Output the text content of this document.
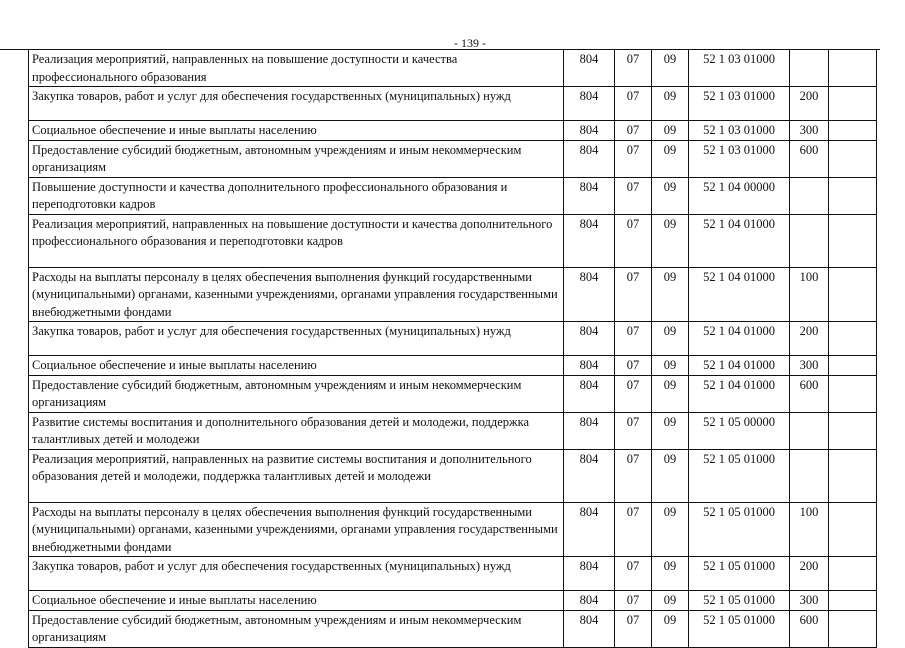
- 139 -
Реализация мероприятий, направленных на повышение доступности и качества профессионального образования	804	07	09	52 1 03 01000		
Закупка товаров, работ и услуг для обеспечения государственных (муниципальных) нужд	804	07	09	52 1 03 01000	200	
Социальное обеспечение и иные выплаты населению	804	07	09	52 1 03 01000	300	
Предоставление субсидий бюджетным, автономным учреждениям и иным некоммерческим организациям	804	07	09	52 1 03 01000	600	
Повышение доступности и качества дополнительного профессионального образования и переподготовки кадров	804	07	09	52 1 04 00000		
Реализация мероприятий, направленных на повышение доступности и качества дополнительного профессионального образования и переподготовки кадров	804	07	09	52 1 04 01000		
Расходы на выплаты персоналу в целях обеспечения выполнения функций государственными (муниципальными) органами, казенными учреждениями, органами управления государственными внебюджетными фондами	804	07	09	52 1 04 01000	100	
Закупка товаров, работ и услуг для обеспечения государственных (муниципальных) нужд	804	07	09	52 1 04 01000	200	
Социальное обеспечение и иные выплаты населению	804	07	09	52 1 04 01000	300	
Предоставление субсидий бюджетным, автономным учреждениям и иным некоммерческим организациям	804	07	09	52 1 04 01000	600	
Развитие системы воспитания и дополнительного образования детей и молодежи, поддержка талантливых детей и молодежи	804	07	09	52 1 05 00000		
Реализация мероприятий, направленных на развитие системы воспитания и дополнительного образования детей и молодежи, поддержка талантливых детей и молодежи	804	07	09	52 1 05 01000		
Расходы на выплаты персоналу в целях обеспечения выполнения функций государственными (муниципальными) органами, казенными учреждениями, органами управления государственными внебюджетными фондами	804	07	09	52 1 05 01000	100	
Закупка товаров, работ и услуг для обеспечения государственных (муниципальных) нужд	804	07	09	52 1 05 01000	200	
Социальное обеспечение и иные выплаты населению	804	07	09	52 1 05 01000	300	
Предоставление субсидий бюджетным, автономным учреждениям и иным некоммерческим организациям	804	07	09	52 1 05 01000	600	
